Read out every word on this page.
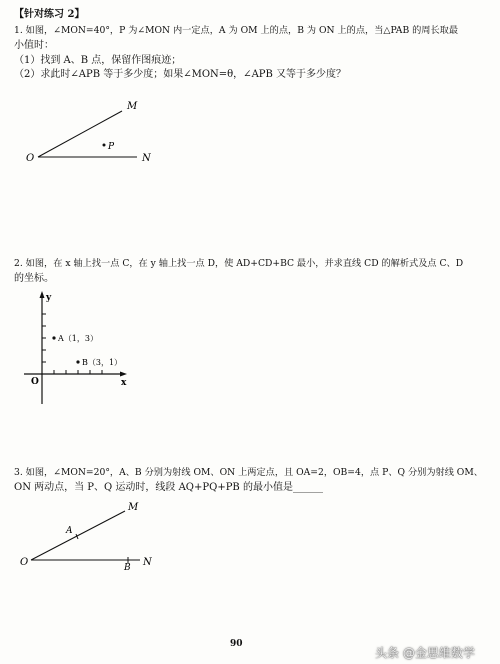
【针对练习 2】
1. 如图，∠MON=40°，P 为∠MON 内一定点，A 为 OM 上的点，B 为 ON 上的点，当△PAB 的周长取最
小值时：
（1）找到 A、B 点，保留作图痕迹；
（2）求此时∠APB 等于多少度；如果∠MON=θ，∠APB 又等于多少度？
2. 如图，在 x 轴上找一点 C，在 y 轴上找一点 D，使 AD+CD+BC 最小，并求直线 CD 的解析式及点 C、D
的坐标。
3. 如图，∠MON=20°，A、B 分别为射线 OM、ON 上两定点，且 OA=2，OB=4，点 P、Q 分别为射线 OM、
ON 两动点，当 P、Q 运动时，线段 AQ+PQ+PB 的最小值是______
M
P
O	N
A（1，3）
B（3，1）
y
x
O
M
A
O	B N
90
头条 @金思维数学
